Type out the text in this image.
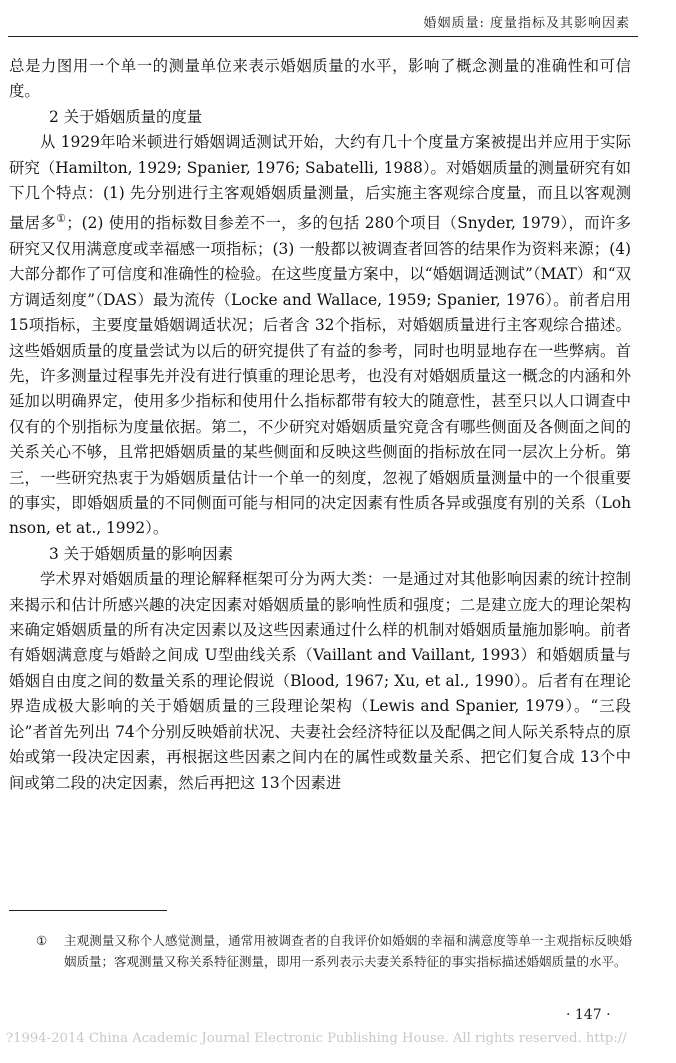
婚姻质量: 度量指标及其影响因素

总是力图用一个单一的测量单位来表示婚姻质量的水平，影响了概念测量的准确性和可信度。

2 关于婚姻质量的度量

从 1929年哈米顿进行婚姻调适测试开始，大约有几十个度量方案被提出并应用于实际研究（Hamilton, 1929; Spanier, 1976; Sabatelli, 1988）。对婚姻质量的测量研究有如下几个特点：(1) 先分别进行主客观婚姻质量测量，后实施主客观综合度量，而且以客观测量居多①；(2) 使用的指标数目参差不一，多的包括 280个项目（Snyder, 1979），而许多研究又仅用满意度或幸福感一项指标；(3) 一般都以被调查者回答的结果作为资料来源；(4) 大部分都作了可信度和准确性的检验。在这些度量方案中，以“婚姻调适测试”（MAT）和“双方调适刻度”（DAS）最为流传（Locke and Wallace, 1959; Spanier, 1976）。前者启用 15项指标，主要度量婚姻调适状况；后者含 32个指标，对婚姻质量进行主客观综合描述。这些婚姻质量的度量尝试为以后的研究提供了有益的参考，同时也明显地存在一些弊病。首先，许多测量过程事先并没有进行慎重的理论思考，也没有对婚姻质量这一概念的内涵和外延加以明确界定，使用多少指标和使用什么指标都带有较大的随意性，甚至只以人口调查中仅有的个别指标为度量依据。第二，不少研究对婚姻质量究竟含有哪些侧面及各侧面之间的关系关心不够，且常把婚姻质量的某些侧面和反映这些侧面的指标放在同一层次上分析。第三，一些研究热衷于为婚姻质量估计一个单一的刻度，忽视了婚姻质量测量中的一个很重要的事实，即婚姻质量的不同侧面可能与相同的决定因素有性质各异或强度有别的关系（Lohnson, et at., 1992）。

3 关于婚姻质量的影响因素

学术界对婚姻质量的理论解释框架可分为两大类：一是通过对其他影响因素的统计控制来揭示和估计所感兴趣的决定因素对婚姻质量的影响性质和强度；二是建立庞大的理论架构来确定婚姻质量的所有决定因素以及这些因素通过什么样的机制对婚姻质量施加影响。前者有婚姻满意度与婚龄之间成 U型曲线关系（Vaillant and Vaillant, 1993）和婚姻质量与婚姻自由度之间的数量关系的理论假说（Blood, 1967; Xu, et al., 1990）。后者有在理论界造成极大影响的关于婚姻质量的三段理论架构（Lewis and Spanier, 1979）。“三段论”者首先列出 74个分别反映婚前状况、夫妻社会经济特征以及配偶之间人际关系特点的原始或第一段决定因素，再根据这些因素之间内在的属性或数量关系、把它们复合成 13个中间或第二段的决定因素，然后再把这 13个因素进

① 主观测量又称个人感觉测量，通常用被调查者的自我评价如婚姻的幸福和满意度等单一主观指标反映婚姻质量；客观测量又称关系特征测量，即用一系列表示夫妻关系特征的事实指标描述婚姻质量的水平。
· 147 ·
?1994-2014 China Academic Journal Electronic Publishing House. All rights reserved. http://
